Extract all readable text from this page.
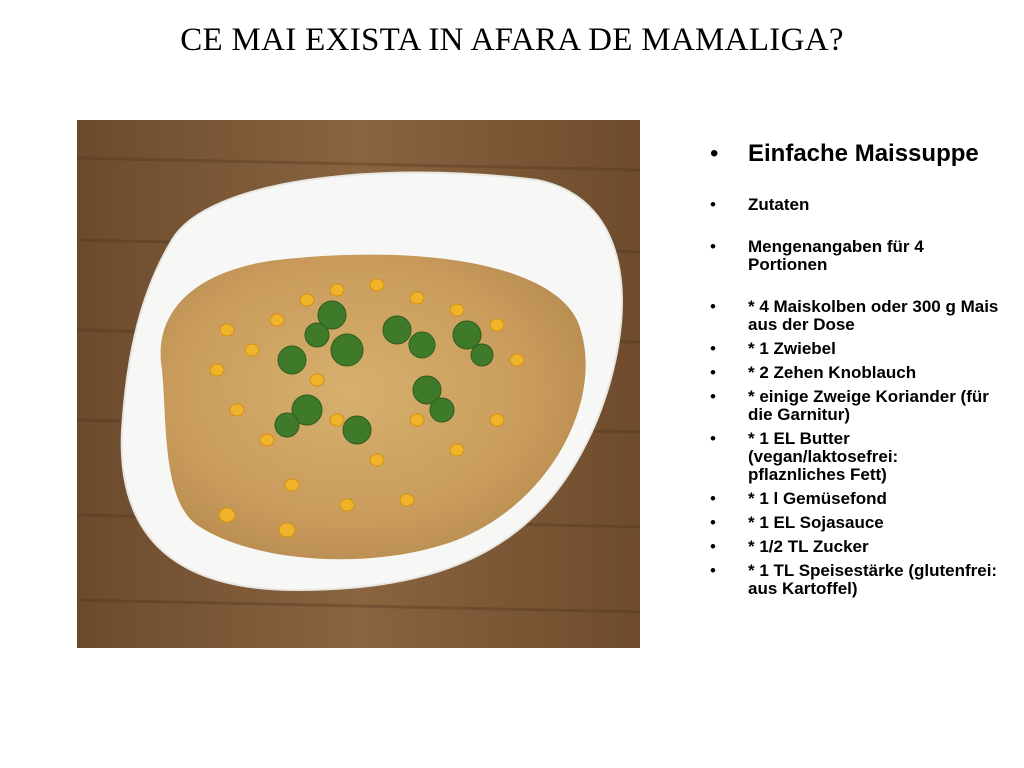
CE MAI EXISTA IN AFARA DE MAMALIGA?
• Einfache Maissuppe
• Zutaten
• Mengenangaben für 4 Portionen
• * 4 Maiskolben oder 300 g Mais aus der Dose
• * 1 Zwiebel
• * 2 Zehen Knoblauch
• * einige Zweige Koriander (für die Garnitur)
• * 1 EL Butter (vegan/laktosefrei: pflaznliches Fett)
• * 1 l Gemüsefond
• * 1 EL Sojasauce
• * 1/2 TL Zucker
• * 1 TL Speisestärke (glutenfrei: aus Kartoffel)
